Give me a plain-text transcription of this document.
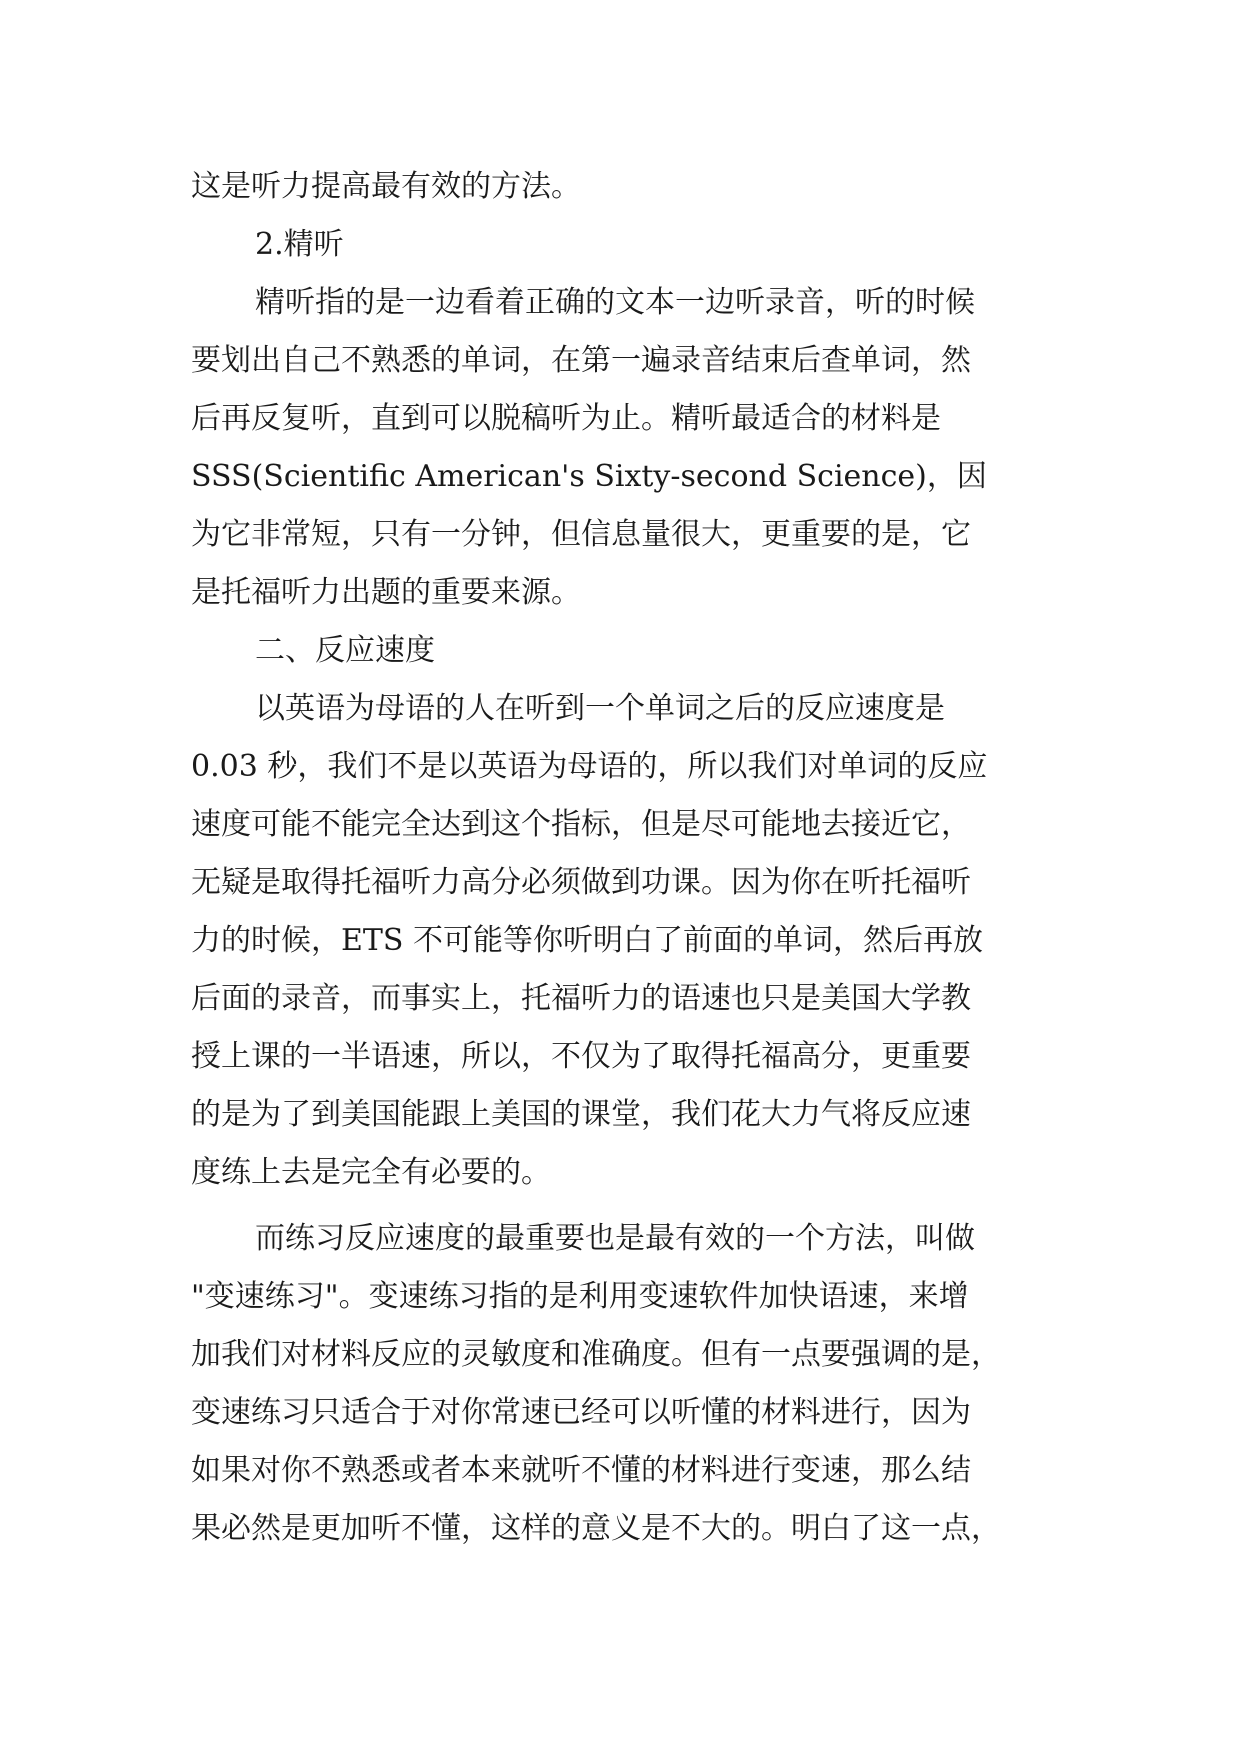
这是听力提高最有效的方法。
2.精听
精听指的是一边看着正确的文本一边听录音，听的时候
要划出自己不熟悉的单词，在第一遍录音结束后查单词，然
后再反复听，直到可以脱稿听为止。精听最适合的材料是
SSS(Scientific American's Sixty-second Science)，因
为它非常短，只有一分钟，但信息量很大，更重要的是，它
是托福听力出题的重要来源。
二、反应速度
以英语为母语的人在听到一个单词之后的反应速度是
0.03 秒，我们不是以英语为母语的，所以我们对单词的反应
速度可能不能完全达到这个指标，但是尽可能地去接近它，
无疑是取得托福听力高分必须做到功课。因为你在听托福听
力的时候，ETS 不可能等你听明白了前面的单词，然后再放
后面的录音，而事实上，托福听力的语速也只是美国大学教
授上课的一半语速，所以，不仅为了取得托福高分，更重要
的是为了到美国能跟上美国的课堂，我们花大力气将反应速
度练上去是完全有必要的。
而练习反应速度的最重要也是最有效的一个方法，叫做
"变速练习"。变速练习指的是利用变速软件加快语速，来增
加我们对材料反应的灵敏度和准确度。但有一点要强调的是，
变速练习只适合于对你常速已经可以听懂的材料进行，因为
如果对你不熟悉或者本来就听不懂的材料进行变速，那么结
果必然是更加听不懂，这样的意义是不大的。明白了这一点，
